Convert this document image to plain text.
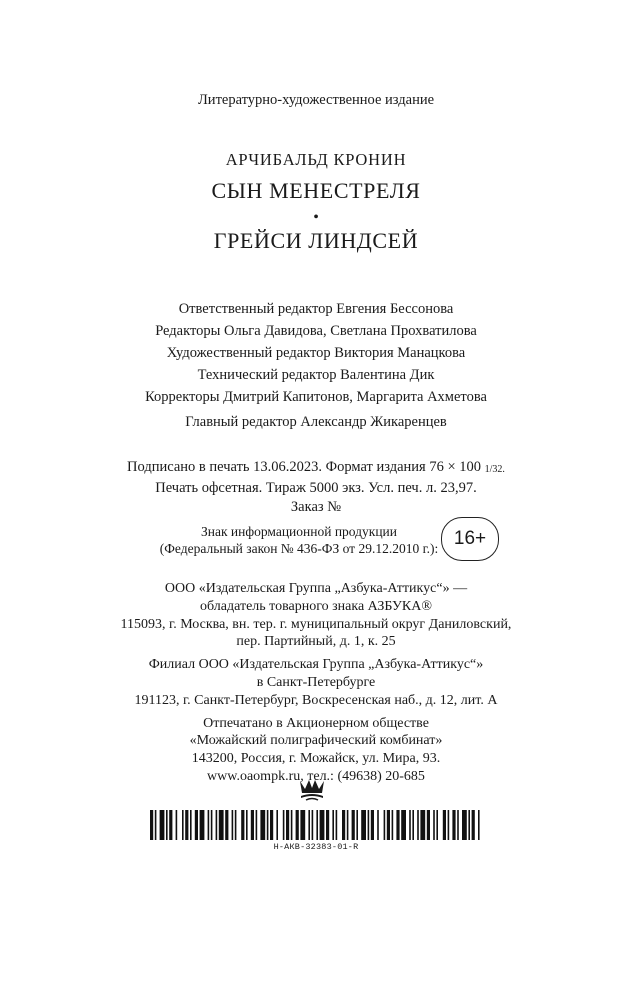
Литературно-художественное издание
АРЧИБАЛЬД КРОНИН
СЫН МЕНЕСТРЕЛЯ
•
ГРЕЙСИ ЛИНДСЕЙ
Ответственный редактор Евгения Бессонова
Редакторы Ольга Давидова, Светлана Прохватилова
Художественный редактор Виктория Манацкова
Технический редактор Валентина Дик
Корректоры Дмитрий Капитонов, Маргарита Ахметова
Главный редактор Александр Жикаренцев
Подписано в печать 13.06.2023. Формат издания 76 × 100 1/32.
Печать офсетная. Тираж 5000 экз. Усл. печ. л. 23,97.
Заказ №
Знак информационной продукции
(Федеральный закон № 436-ФЗ от 29.12.2010 г.): 16+
ООО «Издательская Группа „Азбука-Аттикус“» —
обладатель товарного знака АЗБУКА®
115093, г. Москва, вн. тер. г. муниципальный округ Даниловский,
пер. Партийный, д. 1, к. 25
Филиал ООО «Издательская Группа „Азбука-Аттикус“»
в Санкт-Петербурге
191123, г. Санкт-Петербург, Воскресенская наб., д. 12, лит. А
Отпечатано в Акционерном обществе
«Можайский полиграфический комбинат»
143200, Россия, г. Можайск, ул. Мира, 93.
www.oaompk.ru, тел.: (49638) 20-685
Н-АКВ-32383-01-R
